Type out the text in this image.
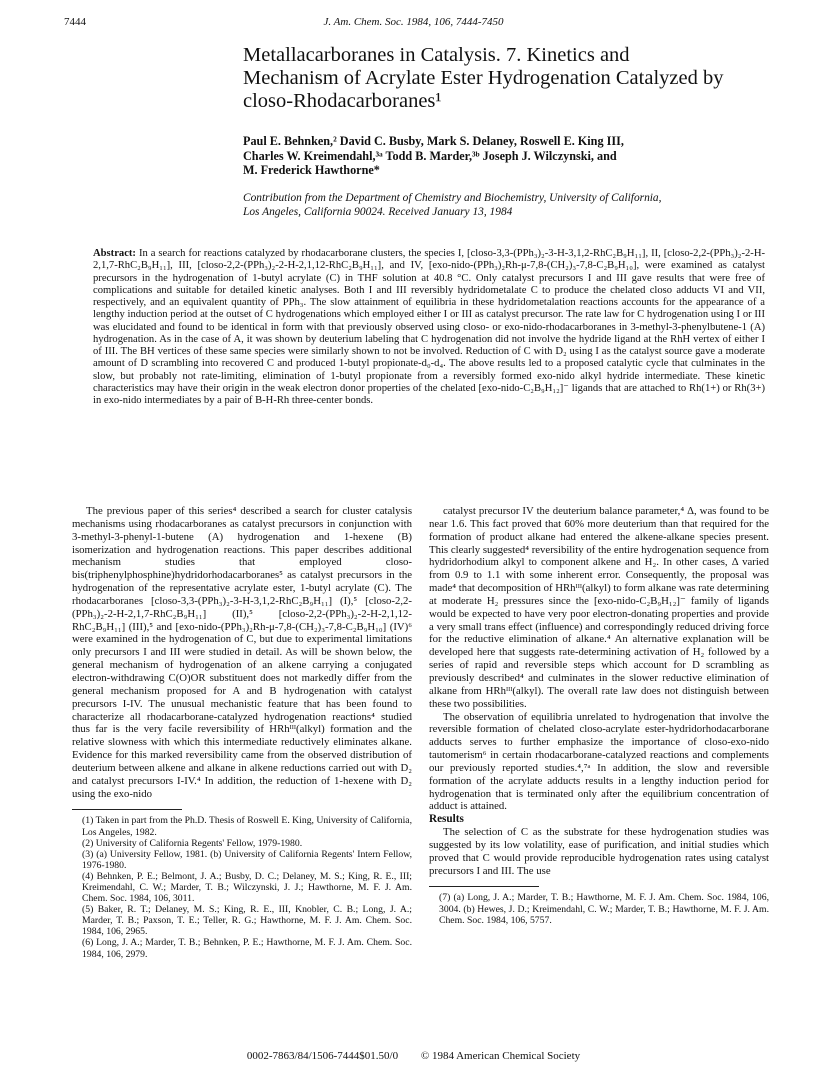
7444	J. Am. Chem. Soc. 1984, 106, 7444-7450
Metallacarboranes in Catalysis. 7. Kinetics and
Mechanism of Acrylate Ester Hydrogenation Catalyzed by
closo-Rhodacarboranes¹
Paul E. Behnken,² David C. Busby, Mark S. Delaney, Roswell E. King III,
Charles W. Kreimendahl,³ᵃ Todd B. Marder,³ᵇ Joseph J. Wilczynski, and
M. Frederick Hawthorne*
Contribution from the Department of Chemistry and Biochemistry, University of California,
Los Angeles, California 90024. Received January 13, 1984
Abstract: In a search for reactions catalyzed by rhodacarborane clusters, the species I, [closo-3,3-(PPh₃)₂-3-H-3,1,2-RhC₂B₉H₁₁], II, [closo-2,2-(PPh₃)₂-2-H-2,1,7-RhC₂B₉H₁₁], III, [closo-2,2-(PPh₃)₂-2-H-2,1,12-RhC₂B₉H₁₁], and IV, [exo-nido-(PPh₃)₂Rh-μ-7,8-(CH₂)₃-7,8-C₂B₉H₁₀], were examined as catalyst precursors in the hydrogenation of 1-butyl acrylate (C) in THF solution at 40.8 °C. Only catalyst precursors I and III gave results that were free of complications and suitable for detailed kinetic analyses. Both I and III reversibly hydridometalate C to produce the chelated closo adducts VI and VII, respectively, and an equivalent quantity of PPh₃. The slow attainment of equilibria in these hydridometalation reactions accounts for the appearance of a lengthy induction period at the outset of C hydrogenations which employed either I or III as catalyst precursor. The rate law for C hydrogenation using I or III was elucidated and found to be identical in form with that previously observed using closo- or exo-nido-rhodacarboranes in 3-methyl-3-phenylbutene-1 (A) hydrogenation. As in the case of A, it was shown by deuterium labeling that C hydrogenation did not involve the hydride ligand at the RhH vertex of either I of III. The BH vertices of these same species were similarly shown to not be involved. Reduction of C with D₂ using I as the catalyst source gave a moderate amount of D scrambling into recovered C and produced 1-butyl propionate-d₀-d₄. The above results led to a proposed catalytic cycle that culminates in the slow, but probably not rate-limiting, elimination of 1-butyl propionate from a reversibly formed exo-nido alkyl hydride intermediate. These kinetic characteristics may have their origin in the weak electron donor properties of the chelated [exo-nido-C₂B₉H₁₂]⁻ ligands that are attached to Rh(1+) or Rh(3+) in exo-nido intermediates by a pair of B-H-Rh three-center bonds.

The previous paper of this series⁴ described a search for cluster catalysis mechanisms using rhodacarboranes as catalyst precursors in conjunction with 3-methyl-3-phenyl-1-butene (A) hydrogenation and 1-hexene (B) isomerization and hydrogenation reactions. This paper describes additional mechanism studies that employed closo-bis(triphenylphosphine)hydridorhodacarboranes⁵ as catalyst precursors in the hydrogenation of the representative acrylate ester, 1-butyl acrylate (C). The rhodacarboranes [closo-3,3-(PPh₃)₂-3-H-3,1,2-RhC₂B₉H₁₁] (I),⁵ [closo-2,2-(PPh₃)₂-2-H-2,1,7-RhC₂B₉H₁₁] (II),⁵ [closo-2,2-(PPh₃)₂-2-H-2,1,12-RhC₂B₉H₁₁] (III),⁵ and [exo-nido-(PPh₃)₂Rh-μ-7,8-(CH₂)₃-7,8-C₂B₉H₁₀] (IV)⁶ were examined in the hydrogenation of C, but due to experimental limitations only precursors I and III were studied in detail. As will be shown below, the general mechanism of hydrogenation of an alkene carrying a conjugated electron-withdrawing C(O)OR substituent does not markedly differ from the general mechanism proposed for A and B hydrogenation with catalyst precursors I-IV. The unusual mechanistic feature that has been found to characterize all rhodacarborane-catalyzed hydrogenation reactions⁴ studied thus far is the very facile reversibility of HRhᴵᴵᴵ(alkyl) formation and the relative slowness with which this intermediate reductively eliminates alkane. Evidence for this marked reversibility came from the observed distribution of deuterium between alkene and alkane in alkene reductions carried out with D₂ and catalyst precursors I-IV.⁴ In addition, the reduction of 1-hexene with D₂ using the exo-nido

(1) Taken in part from the Ph.D. Thesis of Roswell E. King, University of California, Los Angeles, 1982.

(2) University of California Regents' Fellow, 1979-1980.

(3) (a) University Fellow, 1981. (b) University of California Regents' Intern Fellow, 1976-1980.

(4) Behnken, P. E.; Belmont, J. A.; Busby, D. C.; Delaney, M. S.; King, R. E., III; Kreimendahl, C. W.; Marder, T. B.; Wilczynski, J. J.; Hawthorne, M. F. J. Am. Chem. Soc. 1984, 106, 3011.

(5) Baker, R. T.; Delaney, M. S.; King, R. E., III, Knobler, C. B.; Long, J. A.; Marder, T. B.; Paxson, T. E.; Teller, R. G.; Hawthorne, M. F. J. Am. Chem. Soc. 1984, 106, 2965.

(6) Long, J. A.; Marder, T. B.; Behnken, P. E.; Hawthorne, M. F. J. Am. Chem. Soc. 1984, 106, 2979.

catalyst precursor IV the deuterium balance parameter,⁴ Δ, was found to be near 1.6. This fact proved that 60% more deuterium than that required for the formation of product alkane had entered the alkene-alkane species present. This clearly suggested⁴ reversibility of the entire hydrogenation sequence from hydridorhodium alkyl to component alkene and H₂. In other cases, Δ varied from 0.9 to 1.1 with some inherent error. Consequently, the proposal was made⁴ that decomposition of HRhᴵᴵᴵ(alkyl) to form alkane was rate determining at moderate H₂ pressures since the [exo-nido-C₂B₉H₁₂]⁻ family of ligands would be expected to have very poor electron-donating properties and provide a very small trans effect (influence) and correspondingly reduced driving force for the reductive elimination of alkane.⁴ An alternative explanation will be developed here that suggests rate-determining activation of H₂ followed by a series of rapid and reversible steps which account for D scrambling as previously described⁴ and culminates in the slower reductive elimination of alkane from HRhᴵᴵᴵ(alkyl). The overall rate law does not distinguish between these two possibilities.

The observation of equilibria unrelated to hydrogenation that involve the reversible formation of chelated closo-acrylate ester-hydridorhodacarborane adducts serves to further emphasize the importance of closo-exo-nido tautomerism⁶ in certain rhodacarborane-catalyzed reactions and complements our previously reported studies.⁴,⁷ᵃ In addition, the slow and reversible formation of the acrylate adducts results in a lengthy induction period for hydrogenation that is terminated only after the equilibrium concentration of adduct is attained.

Results

The selection of C as the substrate for these hydrogenation studies was suggested by its low volatility, ease of purification, and initial studies which proved that C would provide reproducible hydrogenation rates using catalyst precursors I and III. The use

(7) (a) Long, J. A.; Marder, T. B.; Hawthorne, M. F. J. Am. Chem. Soc. 1984, 106, 3004. (b) Hewes, J. D.; Kreimendahl, C. W.; Marder, T. B.; Hawthorne, M. F. J. Am. Chem. Soc. 1984, 106, 5757.

0002-7863/84/1506-7444$01.50/0 © 1984 American Chemical Society
